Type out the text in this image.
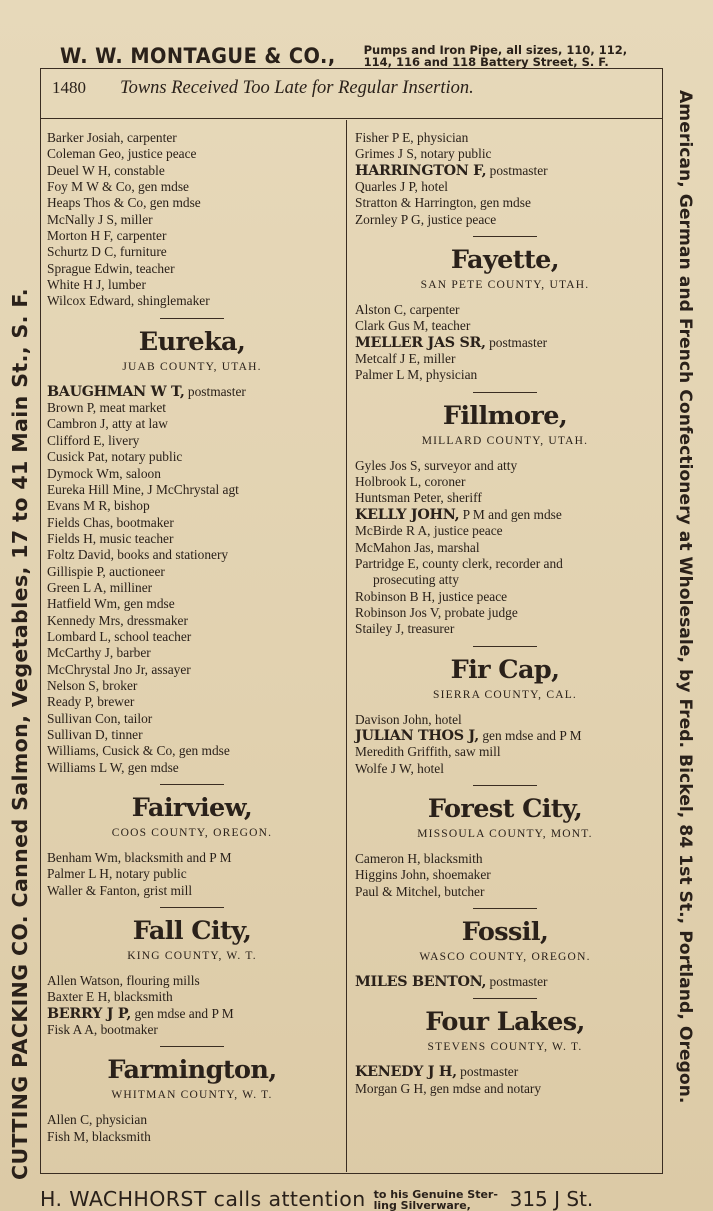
W. W. MONTAGUE & CO., Pumps and Iron Pipe, all sizes, 110, 112,
114, 116 and 118 Battery Street, S. F.
1480 Towns Received Too Late for Regular Insertion.
CUTTING PACKING CO. Canned Salmon, Vegetables, 17 to 41 Main St., S. F.	American, German and French Confectionery at Wholesale, by Fred. Bickel, 84 1st St., Portland, Oregon.
H. WACHHORST calls attention to his Genuine Ster-
ling Silverware,	315 J St.
Barker Josiah, carpenter
Coleman Geo, justice peace
Deuel W H, constable
Foy M W & Co, gen mdse
Heaps Thos & Co, gen mdse
McNally J S, miller
Morton H F, carpenter
Schurtz D C, furniture
Sprague Edwin, teacher
White H J, lumber
Wilcox Edward, shinglemaker
Eureka,
JUAB COUNTY, UTAH.
BAUGHMAN W T, postmaster
Brown P, meat market
Cambron J, atty at law
Clifford E, livery
Cusick Pat, notary public
Dymock Wm, saloon
Eureka Hill Mine, J McChrystal agt
Evans M R, bishop
Fields Chas, bootmaker
Fields H, music teacher
Foltz David, books and stationery
Gillispie P, auctioneer
Green L A, milliner
Hatfield Wm, gen mdse
Kennedy Mrs, dressmaker
Lombard L, school teacher
McCarthy J, barber
McChrystal Jno Jr, assayer
Nelson S, broker
Ready P, brewer
Sullivan Con, tailor
Sullivan D, tinner
Williams, Cusick & Co, gen mdse
Williams L W, gen mdse
Fairview,
COOS COUNTY, OREGON.
Benham Wm, blacksmith and P M
Palmer L H, notary public
Waller & Fanton, grist mill
Fall City,
KING COUNTY, W. T.
Allen Watson, flouring mills
Baxter E H, blacksmith
BERRY J P, gen mdse and P M
Fisk A A, bootmaker
Farmington,
WHITMAN COUNTY, W. T.
Allen C, physician
Fish M, blacksmith
Fisher P E, physician
Grimes J S, notary public
HARRINGTON F, postmaster
Quarles J P, hotel
Stratton & Harrington, gen mdse
Zornley P G, justice peace
Fayette,
SAN PETE COUNTY, UTAH.
Alston C, carpenter
Clark Gus M, teacher
MELLER JAS SR, postmaster
Metcalf J E, miller
Palmer L M, physician
Fillmore,
MILLARD COUNTY, UTAH.
Gyles Jos S, surveyor and atty
Holbrook L, coroner
Huntsman Peter, sheriff
KELLY JOHN, P M and gen mdse
McBirde R A, justice peace
McMahon Jas, marshal
Partridge E, county clerk, recorder and
prosecuting atty
Robinson B H, justice peace
Robinson Jos V, probate judge
Stailey J, treasurer
Fir Cap,
SIERRA COUNTY, CAL.
Davison John, hotel
JULIAN THOS J, gen mdse and P M
Meredith Griffith, saw mill
Wolfe J W, hotel
Forest City,
MISSOULA COUNTY, MONT.
Cameron H, blacksmith
Higgins John, shoemaker
Paul & Mitchel, butcher
Fossil,
WASCO COUNTY, OREGON.
MILES BENTON, postmaster
Four Lakes,
STEVENS COUNTY, W. T.
KENEDY J H, postmaster
Morgan G H, gen mdse and notary
